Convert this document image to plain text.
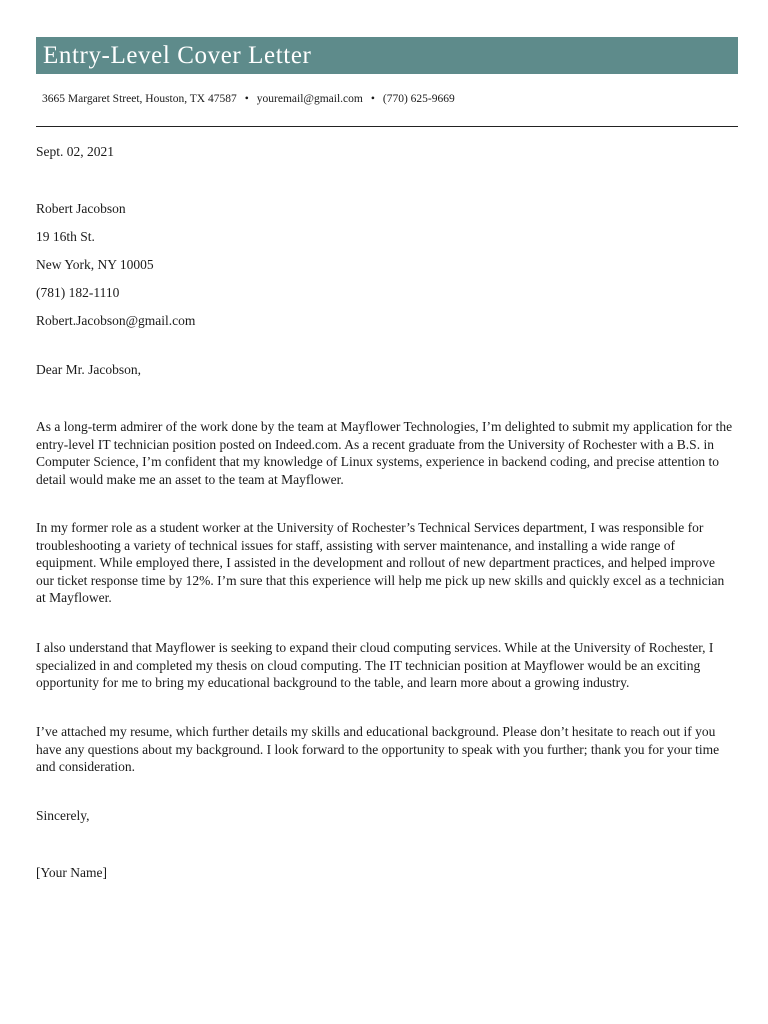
Entry-Level Cover Letter
3665 Margaret Street, Houston, TX 47587 • youremail@gmail.com • (770) 625-9669
Sept. 02, 2021
Robert Jacobson
19 16th St.
New York, NY 10005
(781) 182-1110
Robert.Jacobson@gmail.com
Dear Mr. Jacobson,
As a long-term admirer of the work done by the team at Mayflower Technologies, I’m delighted to submit my application for the entry-level IT technician position posted on Indeed.com. As a recent graduate from the University of Rochester with a B.S. in Computer Science, I’m confident that my knowledge of Linux systems, experience in backend coding, and precise attention to detail would make me an asset to the team at Mayflower.
In my former role as a student worker at the University of Rochester’s Technical Services department, I was responsible for troubleshooting a variety of technical issues for staff, assisting with server maintenance, and installing a wide range of equipment. While employed there, I assisted in the development and rollout of new department practices, and helped improve our ticket response time by 12%. I’m sure that this experience will help me pick up new skills and quickly excel as a technician at Mayflower.
I also understand that Mayflower is seeking to expand their cloud computing services. While at the University of Rochester, I specialized in and completed my thesis on cloud computing. The IT technician position at Mayflower would be an exciting opportunity for me to bring my educational background to the table, and learn more about a growing industry.
I’ve attached my resume, which further details my skills and educational background. Please don’t hesitate to reach out if you have any questions about my background. I look forward to the opportunity to speak with you further; thank you for your time and consideration.
Sincerely,
[Your Name]
